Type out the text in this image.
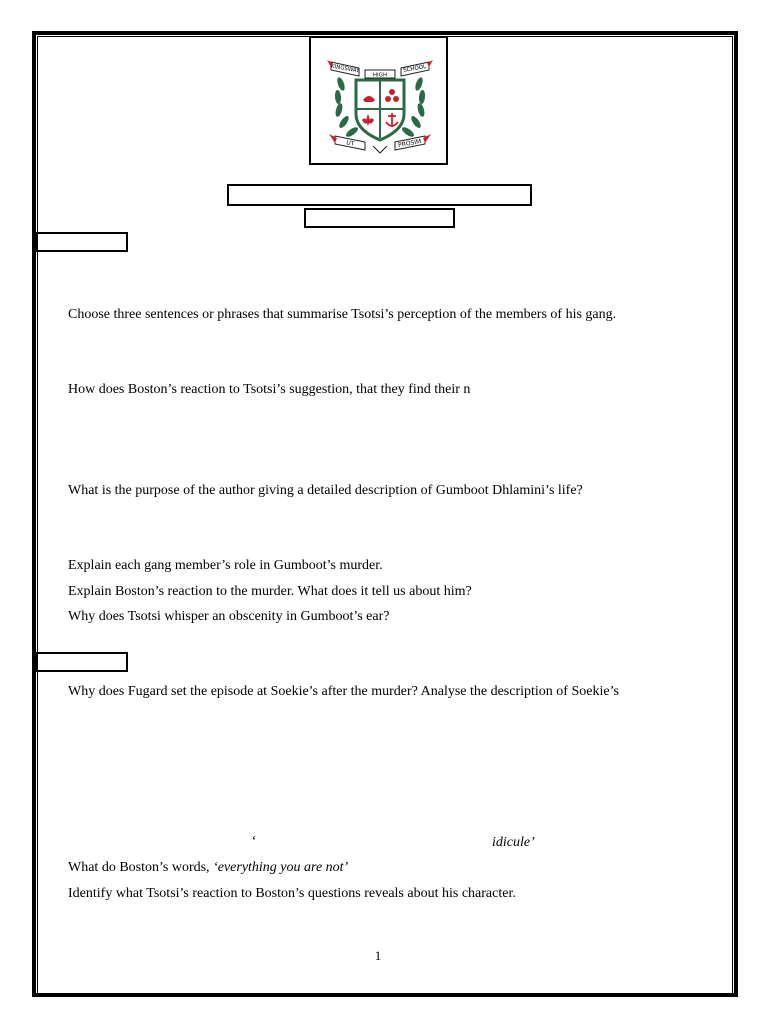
KINGSWAY
HIGH
SCHOOL
UT	PROSIM
Choose three sentences or phrases that summarise Tsotsi’s perception of the members of his gang.
How does Boston’s reaction to Tsotsi’s suggestion, that they find their n
What is the purpose of the author giving a detailed description of Gumboot Dhlamini’s life?
Explain each gang member’s role in Gumboot’s murder.
Explain Boston’s reaction to the murder. What does it tell us about him?
Why does Tsotsi whisper an obscenity in Gumboot’s ear?
Why does Fugard set the episode at Soekie’s after the murder? Analyse the description of Soekie’s
‘	idicule’
What do Boston’s words, ‘everything you are not’
Identify what Tsotsi’s reaction to Boston’s questions reveals about his character.
1
